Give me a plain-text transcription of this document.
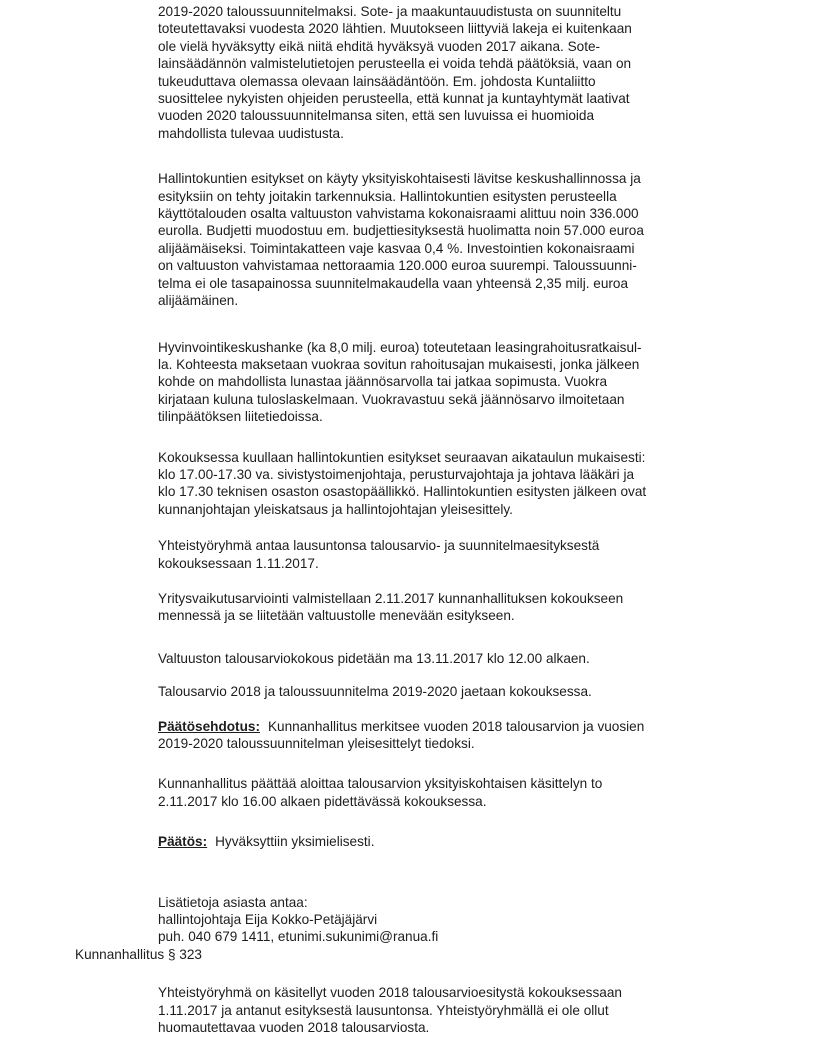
2019-2020 taloussuunnitelmaksi. Sote- ja maakuntauudistusta on suunniteltu
toteutettavaksi vuodesta 2020 lähtien. Muutokseen liittyviä lakeja ei kuitenkaan
ole vielä hyväksytty eikä niitä ehditä hyväksyä vuoden 2017 aikana. Sote-
lainsäädännön valmistelutietojen perusteella ei voida tehdä päätöksiä, vaan on
tukeuduttava olemassa olevaan lainsäädäntöön. Em. johdosta Kuntaliitto
suosittelee nykyisten ohjeiden perusteella, että kunnat ja kuntayhtymät laativat
vuoden 2020 taloussuunnitelmansa siten, että sen luvuissa ei huomioida
mahdollista tulevaa uudistusta.
Hallintokuntien esitykset on käyty yksityiskohtaisesti lävitse keskushallinnossa ja
esityksiin on tehty joitakin tarkennuksia. Hallintokuntien esitysten perusteella
käyttötalouden osalta valtuuston vahvistama kokonaisraami alittuu noin 336.000
eurolla. Budjetti muodostuu em. budjettiesityksestä huolimatta noin 57.000 euroa
alijäämäiseksi. Toimintakatteen vaje kasvaa 0,4 %. Investointien kokonaisraami
on valtuuston vahvistamaa nettoraamia 120.000 euroa suurempi. Taloussuunni-
telma ei ole tasapainossa suunnitelmakaudella vaan yhteensä 2,35 milj. euroa
alijäämäinen.
Hyvinvointikeskushanke (ka 8,0 milj. euroa) toteutetaan leasingrahoitusratkaisul-
la. Kohteesta maksetaan vuokraa sovitun rahoitusajan mukaisesti, jonka jälkeen
kohde on mahdollista lunastaa jäännösarvolla tai jatkaa sopimusta. Vuokra
kirjataan kuluna tuloslaskelmaan. Vuokravastuu sekä jäännösarvo ilmoitetaan
tilinpäätöksen liitetiedoissa.
Kokouksessa kuullaan hallintokuntien esitykset seuraavan aikataulun mukaisesti:
klo 17.00-17.30 va. sivistystoimenjohtaja, perusturvajohtaja ja johtava lääkäri ja
klo 17.30 teknisen osaston osastopäällikkö. Hallintokuntien esitysten jälkeen ovat
kunnanjohtajan yleiskatsaus ja hallintojohtajan yleisesittely.
Yhteistyöryhmä antaa lausuntonsa talousarvio- ja suunnitelmaesityksestä
kokouksessaan 1.11.2017.
Yritysvaikutusarviointi valmistellaan 2.11.2017 kunnanhallituksen kokoukseen
mennessä ja se liitetään valtuustolle menevään esitykseen.
Valtuuston talousarviokokous pidetään ma 13.11.2017 klo 12.00 alkaen.
Talousarvio 2018 ja taloussuunnitelma 2019-2020 jaetaan kokouksessa.
Päätösehdotus: Kunnanhallitus merkitsee vuoden 2018 talousarvion ja vuosien
2019-2020 taloussuunnitelman yleisesittelyt tiedoksi.
Kunnanhallitus päättää aloittaa talousarvion yksityiskohtaisen käsittelyn to
2.11.2017 klo 16.00 alkaen pidettävässä kokouksessa.
Päätös: Hyväksyttiin yksimielisesti.
Lisätietoja asiasta antaa:
hallintojohtaja Eija Kokko-Petäjäjärvi
puh. 040 679 1411, etunimi.sukunimi@ranua.fi
Kunnanhallitus § 323
Yhteistyöryhmä on käsitellyt vuoden 2018 talousarvioesitystä kokouksessaan
1.11.2017 ja antanut esityksestä lausuntonsa. Yhteistyöryhmällä ei ole ollut
huomautettavaa vuoden 2018 talousarviosta.
